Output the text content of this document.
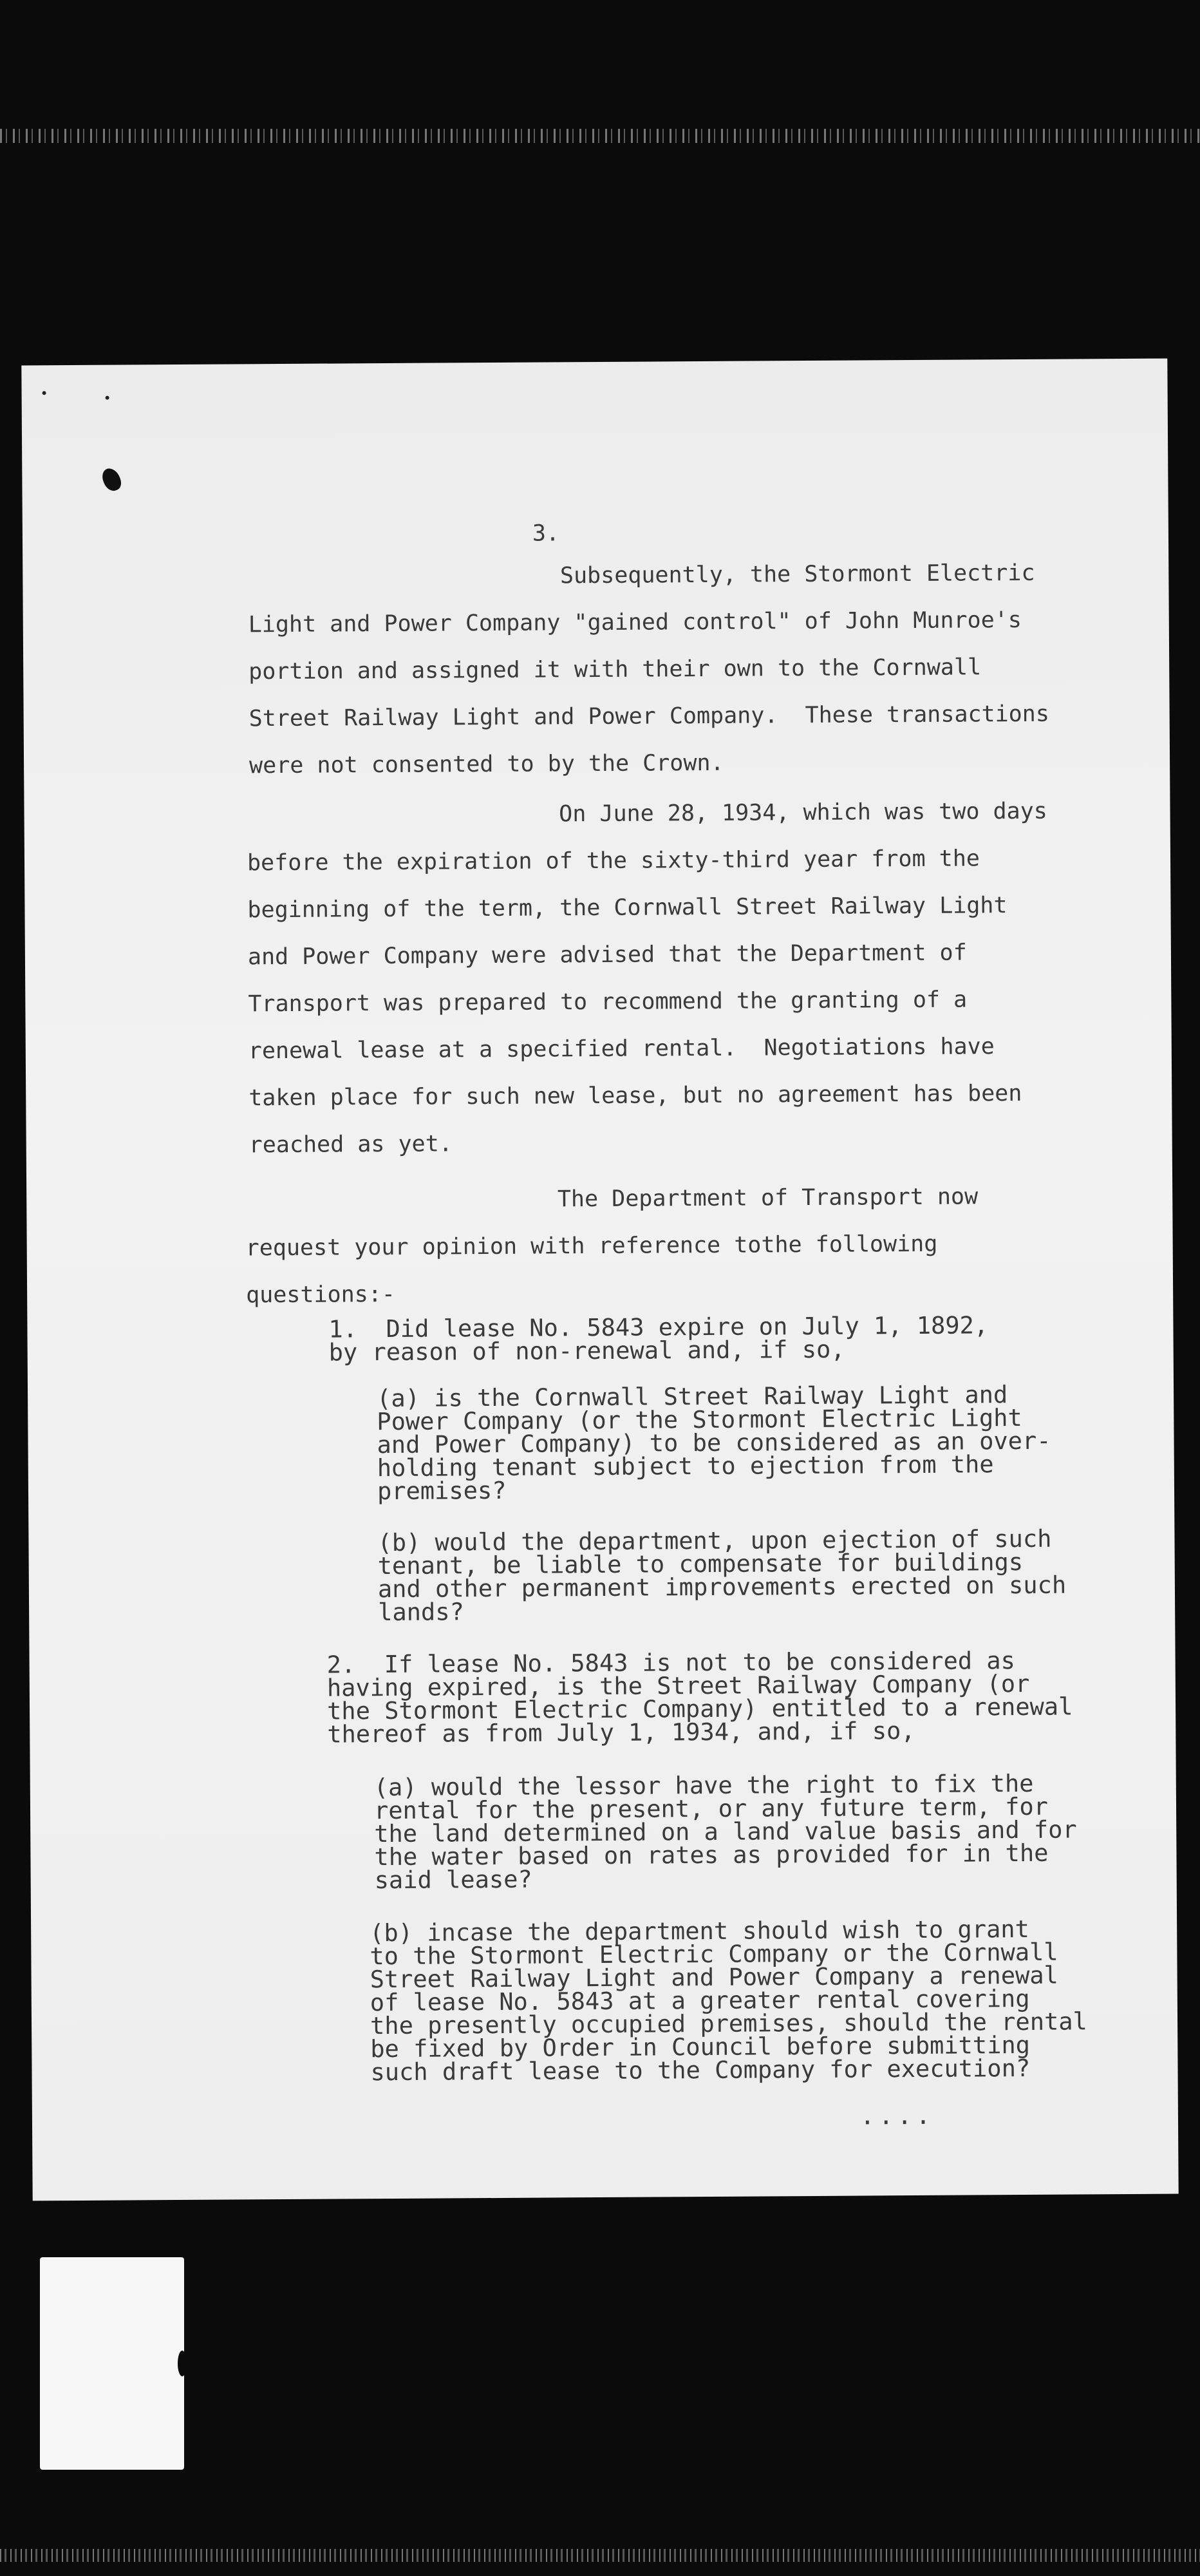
3.
Subsequently, the Stormont Electric
Light and Power Company "gained control" of John Munroe's
portion and assigned it with their own to the Cornwall
Street Railway Light and Power Company.  These transactions
were not consented to by the Crown.
On June 28, 1934, which was two days
before the expiration of the sixty-third year from the
beginning of the term, the Cornwall Street Railway Light
and Power Company were advised that the Department of
Transport was prepared to recommend the granting of a
renewal lease at a specified rental.  Negotiations have
taken place for such new lease, but no agreement has been
reached as yet.
The Department of Transport now
request your opinion with reference tothe following
questions:-
1.  Did lease No. 5843 expire on July 1, 1892,
by reason of non-renewal and, if so,
(a) is the Cornwall Street Railway Light and
Power Company (or the Stormont Electric Light
and Power Company) to be considered as an over-
holding tenant subject to ejection from the
premises?
(b) would the department, upon ejection of such
tenant, be liable to compensate for buildings
and other permanent improvements erected on such
lands?
2.  If lease No. 5843 is not to be considered as
having expired, is the Street Railway Company (or
the Stormont Electric Company) entitled to a renewal
thereof as from July 1, 1934, and, if so,
(a) would the lessor have the right to fix the
rental for the present, or any future term, for
the land determined on a land value basis and for
the water based on rates as provided for in the
said lease?
(b) incase the department should wish to grant
to the Stormont Electric Company or the Cornwall
Street Railway Light and Power Company a renewal
of lease No. 5843 at a greater rental covering
the presently occupied premises, should the rental
be fixed by Order in Council before submitting
such draft lease to the Company for execution?
....
